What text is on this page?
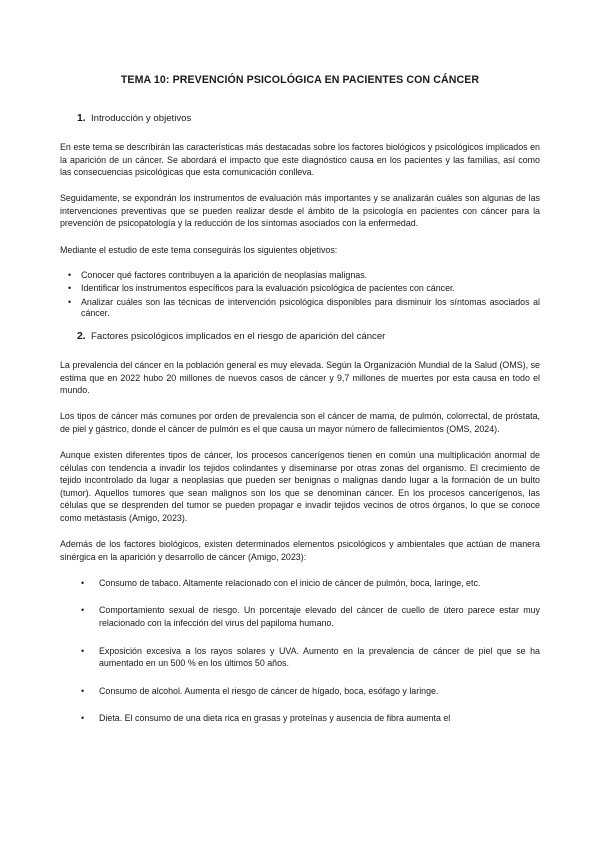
TEMA 10: PREVENCIÓN PSICOLÓGICA EN PACIENTES CON CÁNCER
1. Introducción y objetivos

En este tema se describirán las características más destacadas sobre los factores biológicos y psicológicos implicados en la aparición de un cáncer. Se abordará el impacto que este diagnóstico causa en los pacientes y las familias, así como las consecuencias psicológicas que esta comunicación conlleva.

Seguidamente, se expondrán los instrumentos de evaluación más importantes y se analizarán cuáles son algunas de las intervenciones preventivas que se pueden realizar desde el ámbito de la psicología en pacientes con cáncer para la prevención de psicopatología y la reducción de los síntomas asociados con la enfermedad.

Mediante el estudio de este tema conseguirás los siguientes objetivos:

• Conocer qué factores contribuyen a la aparición de neoplasias malignas.
• Identificar los instrumentos específicos para la evaluación psicológica de pacientes con cáncer.
• Analizar cuáles son las técnicas de intervención psicológica disponibles para disminuir los síntomas asociados al cáncer.
2. Factores psicológicos implicados en el riesgo de aparición del cáncer

La prevalencia del cáncer en la población general es muy elevada. Según la Organización Mundial de la Salud (OMS), se estima que en 2022 hubo 20 millones de nuevos casos de cáncer y 9,7 millones de muertes por esta causa en todo el mundo.

Los tipos de cáncer más comunes por orden de prevalencia son el cáncer de mama, de pulmón, colorrectal, de próstata, de piel y gástrico, donde el cáncer de pulmón es el que causa un mayor número de fallecimientos (OMS, 2024).

Aunque existen diferentes tipos de cáncer, los procesos cancerígenos tienen en común una multiplicación anormal de células con tendencia a invadir los tejidos colindantes y diseminarse por otras zonas del organismo. El crecimiento de tejido incontrolado da lugar a neoplasias que pueden ser benignas o malignas dando lugar a la formación de un bulto (tumor). Aquellos tumores que sean malignos son los que se denominan cáncer. En los procesos cancerígenos, las células que se desprenden del tumor se pueden propagar e invadir tejidos vecinos de otros órganos, lo que se conoce como metástasis (Amigo, 2023).

Además de los factores biológicos, existen determinados elementos psicológicos y ambientales que actúan de manera sinérgica en la aparición y desarrollo de cáncer (Amigo, 2023):

• Consumo de tabaco. Altamente relacionado con el inicio de cáncer de pulmón, boca, laringe, etc.
• Comportamiento sexual de riesgo. Un porcentaje elevado del cáncer de cuello de útero parece estar muy relacionado con la infección del virus del papiloma humano.
• Exposición excesiva a los rayos solares y UVA. Aumento en la prevalencia de cáncer de piel que se ha aumentado en un 500 % en los últimos 50 años.
• Consumo de alcohol. Aumenta el riesgo de cáncer de hígado, boca, esófago y laringe.
• Dieta. El consumo de una dieta rica en grasas y proteínas y ausencia de fibra aumenta el
